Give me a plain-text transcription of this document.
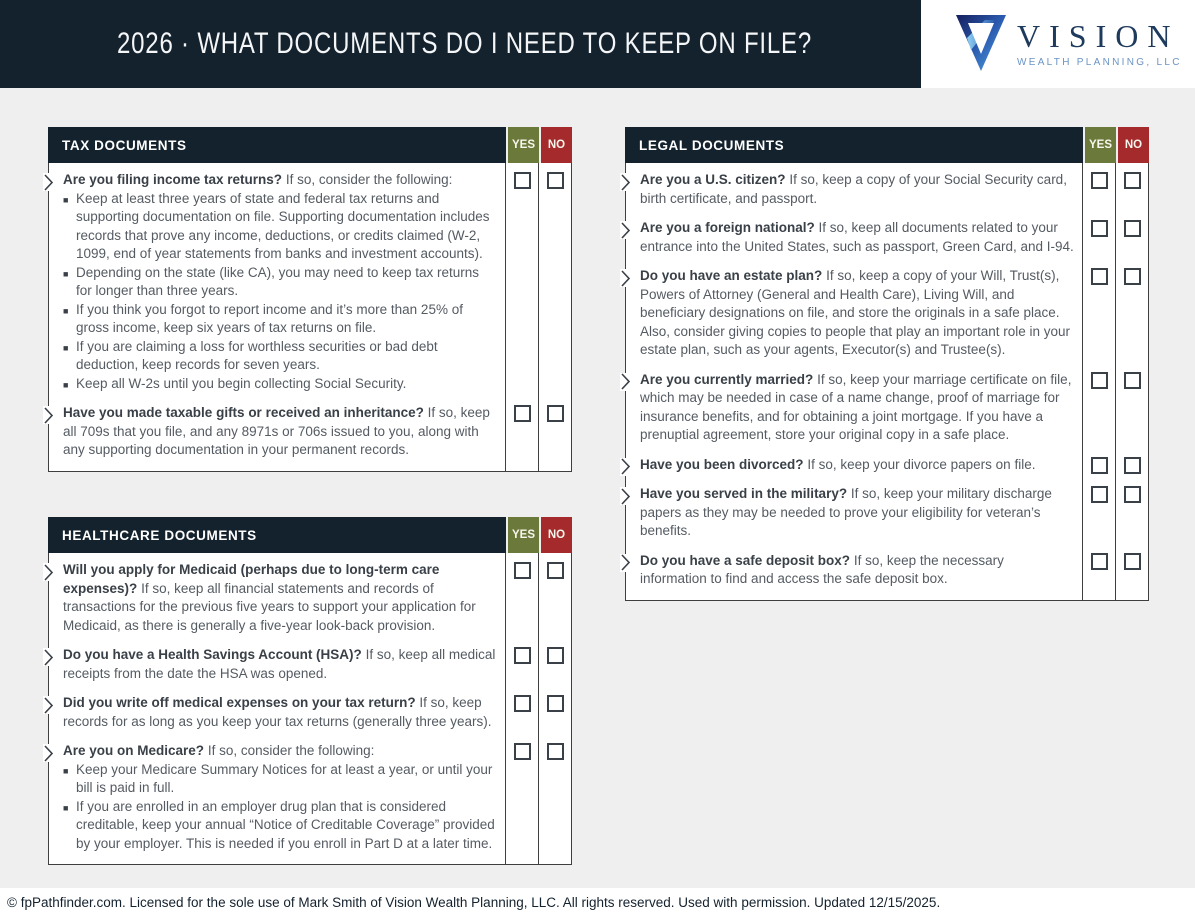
2026 · WHAT DOCUMENTS DO I NEED TO KEEP ON FILE?	VISION
WEALTH PLANNING, LLC
TAX DOCUMENTS	YES	NO
Are you filing income tax returns? If so, consider the following:
■ Keep at least three years of state and federal tax returns and supporting documentation on file. Supporting documentation includes records that prove any income, deductions, or credits claimed (W-2, 1099, end of year statements from banks and investment accounts).
■ Depending on the state (like CA), you may need to keep tax returns for longer than three years.
■ If you think you forgot to report income and it’s more than 25% of gross income, keep six years of tax returns on file.
■ If you are claiming a loss for worthless securities or bad debt deduction, keep records for seven years.
■ Keep all W-2s until you begin collecting Social Security.
Have you made taxable gifts or received an inheritance? If so, keep all 709s that you file, and any 8971s or 706s issued to you, along with any supporting documentation in your permanent records.
HEALTHCARE DOCUMENTS	YES	NO
Will you apply for Medicaid (perhaps due to long-term care expenses)? If so, keep all financial statements and records of transactions for the previous five years to support your application for Medicaid, as there is generally a five-year look-back provision.
Do you have a Health Savings Account (HSA)? If so, keep all medical receipts from the date the HSA was opened.
Did you write off medical expenses on your tax return? If so, keep records for as long as you keep your tax returns (generally three years).
Are you on Medicare? If so, consider the following:
■ Keep your Medicare Summary Notices for at least a year, or until your bill is paid in full.
■ If you are enrolled in an employer drug plan that is considered creditable, keep your annual “Notice of Creditable Coverage” provided by your employer. This is needed if you enroll in Part D at a later time.
LEGAL DOCUMENTS	YES	NO
Are you a U.S. citizen? If so, keep a copy of your Social Security card, birth certificate, and passport.
Are you a foreign national? If so, keep all documents related to your entrance into the United States, such as passport, Green Card, and I-94.
Do you have an estate plan? If so, keep a copy of your Will, Trust(s), Powers of Attorney (General and Health Care), Living Will, and beneficiary designations on file, and store the originals in a safe place. Also, consider giving copies to people that play an important role in your estate plan, such as your agents, Executor(s) and Trustee(s).
Are you currently married? If so, keep your marriage certificate on file, which may be needed in case of a name change, proof of marriage for insurance benefits, and for obtaining a joint mortgage. If you have a prenuptial agreement, store your original copy in a safe place.
Have you been divorced? If so, keep your divorce papers on file.
Have you served in the military? If so, keep your military discharge papers as they may be needed to prove your eligibility for veteran’s benefits.
Do you have a safe deposit box? If so, keep the necessary information to find and access the safe deposit box.
© fpPathfinder.com. Licensed for the sole use of Mark Smith of Vision Wealth Planning, LLC. All rights reserved. Used with permission. Updated 12/15/2025.
